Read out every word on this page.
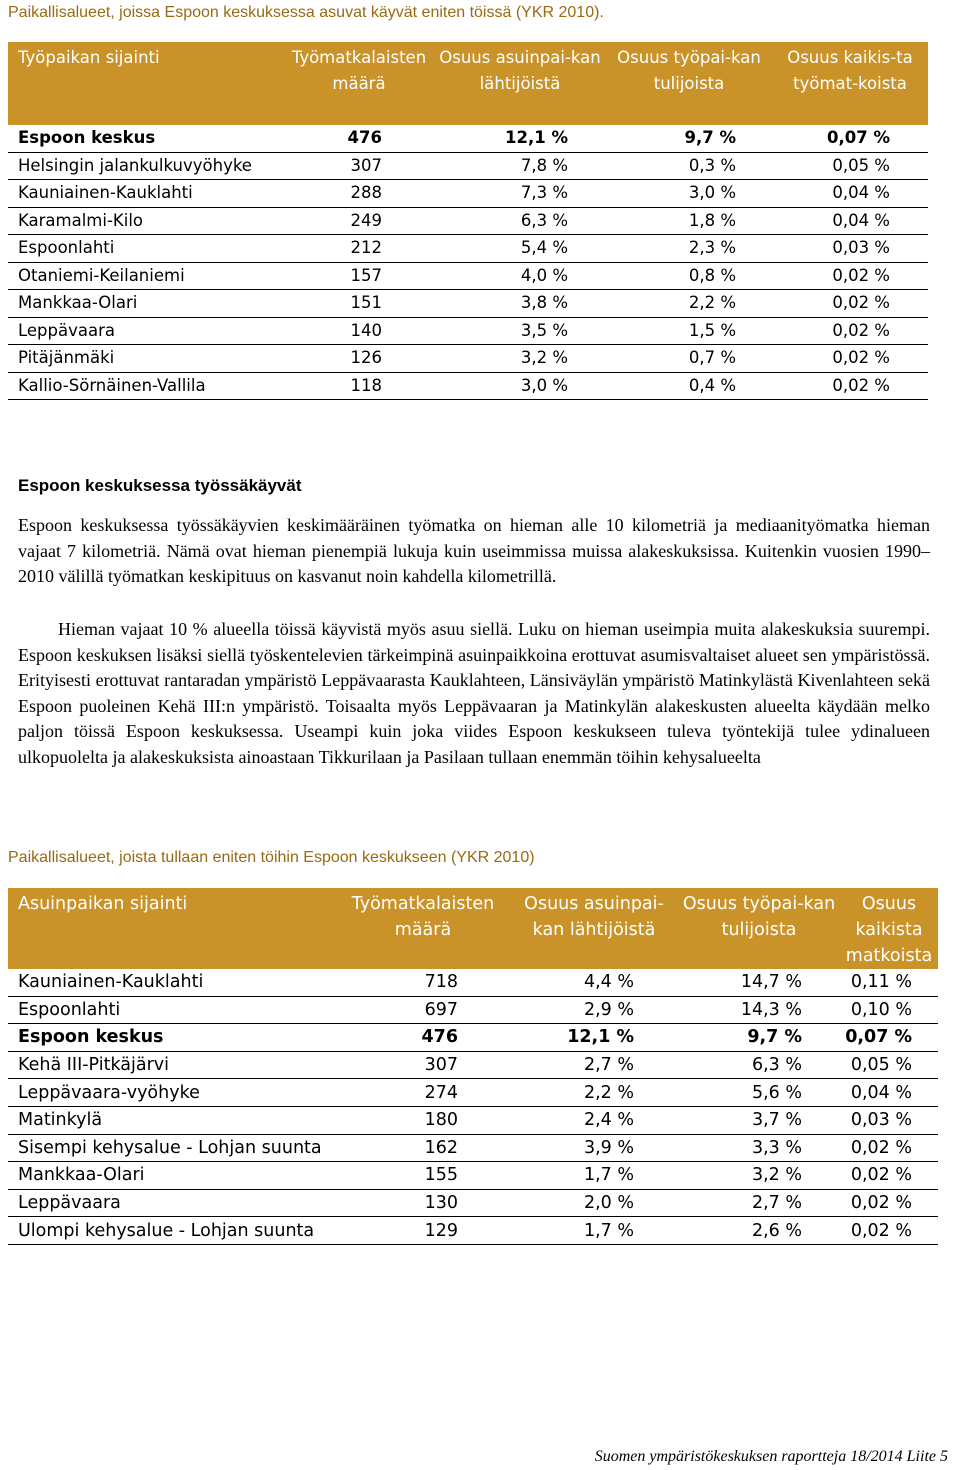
Paikallisalueet, joissa Espoon keskuksessa asuvat käyvät eniten töissä (YKR 2010).
Työpaikan sijainti	Työmatkalaisten määrä	Osuus asuinpai-kan lähtijöistä	Osuus työpai-kan tulijoista	Osuus kaikis-ta työmat-koista
Espoon keskus	476	12,1 %	9,7 %	0,07 %
Helsingin jalankulkuvyöhyke	307	7,8 %	0,3 %	0,05 %
Kauniainen-Kauklahti	288	7,3 %	3,0 %	0,04 %
Karamalmi-Kilo	249	6,3 %	1,8 %	0,04 %
Espoonlahti	212	5,4 %	2,3 %	0,03 %
Otaniemi-Keilaniemi	157	4,0 %	0,8 %	0,02 %
Mankkaa-Olari	151	3,8 %	2,2 %	0,02 %
Leppävaara	140	3,5 %	1,5 %	0,02 %
Pitäjänmäki	126	3,2 %	0,7 %	0,02 %
Kallio-Sörnäinen-Vallila	118	3,0 %	0,4 %	0,02 %
Espoon keskuksessa työssäkäyvät

Espoon keskuksessa työssäkäyvien keskimääräinen työmatka on hieman alle 10 kilometriä ja mediaanityömatka hieman vajaat 7 kilometriä. Nämä ovat hieman pienempiä lukuja kuin useimmissa muissa alakeskuksissa. Kuitenkin vuosien 1990–2010 välillä työmatkan keskipituus on kasvanut noin kahdella kilometrillä.

Hieman vajaat 10 % alueella töissä käyvistä myös asuu siellä. Luku on hieman useimpia muita alakeskuksia suurempi. Espoon keskuksen lisäksi siellä työskentelevien tärkeimpinä asuinpaikkoina erottuvat asumisvaltaiset alueet sen ympäristössä. Erityisesti erottuvat rantaradan ympäristö Leppävaarasta Kauklahteen, Länsiväylän ympäristö Matinkylästä Kivenlahteen sekä Espoon puoleinen Kehä III:n ympäristö. Toisaalta myös Leppävaaran ja Matinkylän alakeskusten alueelta käydään melko paljon töissä Espoon keskuksessa. Useampi kuin joka viides Espoon keskukseen tuleva työntekijä tulee ydinalueen ulkopuolelta ja alakeskuksista ainoastaan Tikkurilaan ja Pasilaan tullaan enemmän töihin kehysalueelta

Paikallisalueet, joista tullaan eniten töihin Espoon keskukseen (YKR 2010)
Asuinpaikan sijainti	Työmatkalaisten määrä	Osuus asuinpai-kan lähtijöistä	Osuus työpai-kan tulijoista	Osuus kaikista matkoista
Kauniainen-Kauklahti	718	4,4 %	14,7 %	0,11 %
Espoonlahti	697	2,9 %	14,3 %	0,10 %
Espoon keskus	476	12,1 %	9,7 %	0,07 %
Kehä III-Pitkäjärvi	307	2,7 %	6,3 %	0,05 %
Leppävaara-vyöhyke	274	2,2 %	5,6 %	0,04 %
Matinkylä	180	2,4 %	3,7 %	0,03 %
Sisempi kehysalue - Lohjan suunta	162	3,9 %	3,3 %	0,02 %
Mankkaa-Olari	155	1,7 %	3,2 %	0,02 %
Leppävaara	130	2,0 %	2,7 %	0,02 %
Ulompi kehysalue - Lohjan suunta	129	1,7 %	2,6 %	0,02 %
Suomen ympäristökeskuksen raportteja 18/2014 Liite 5
